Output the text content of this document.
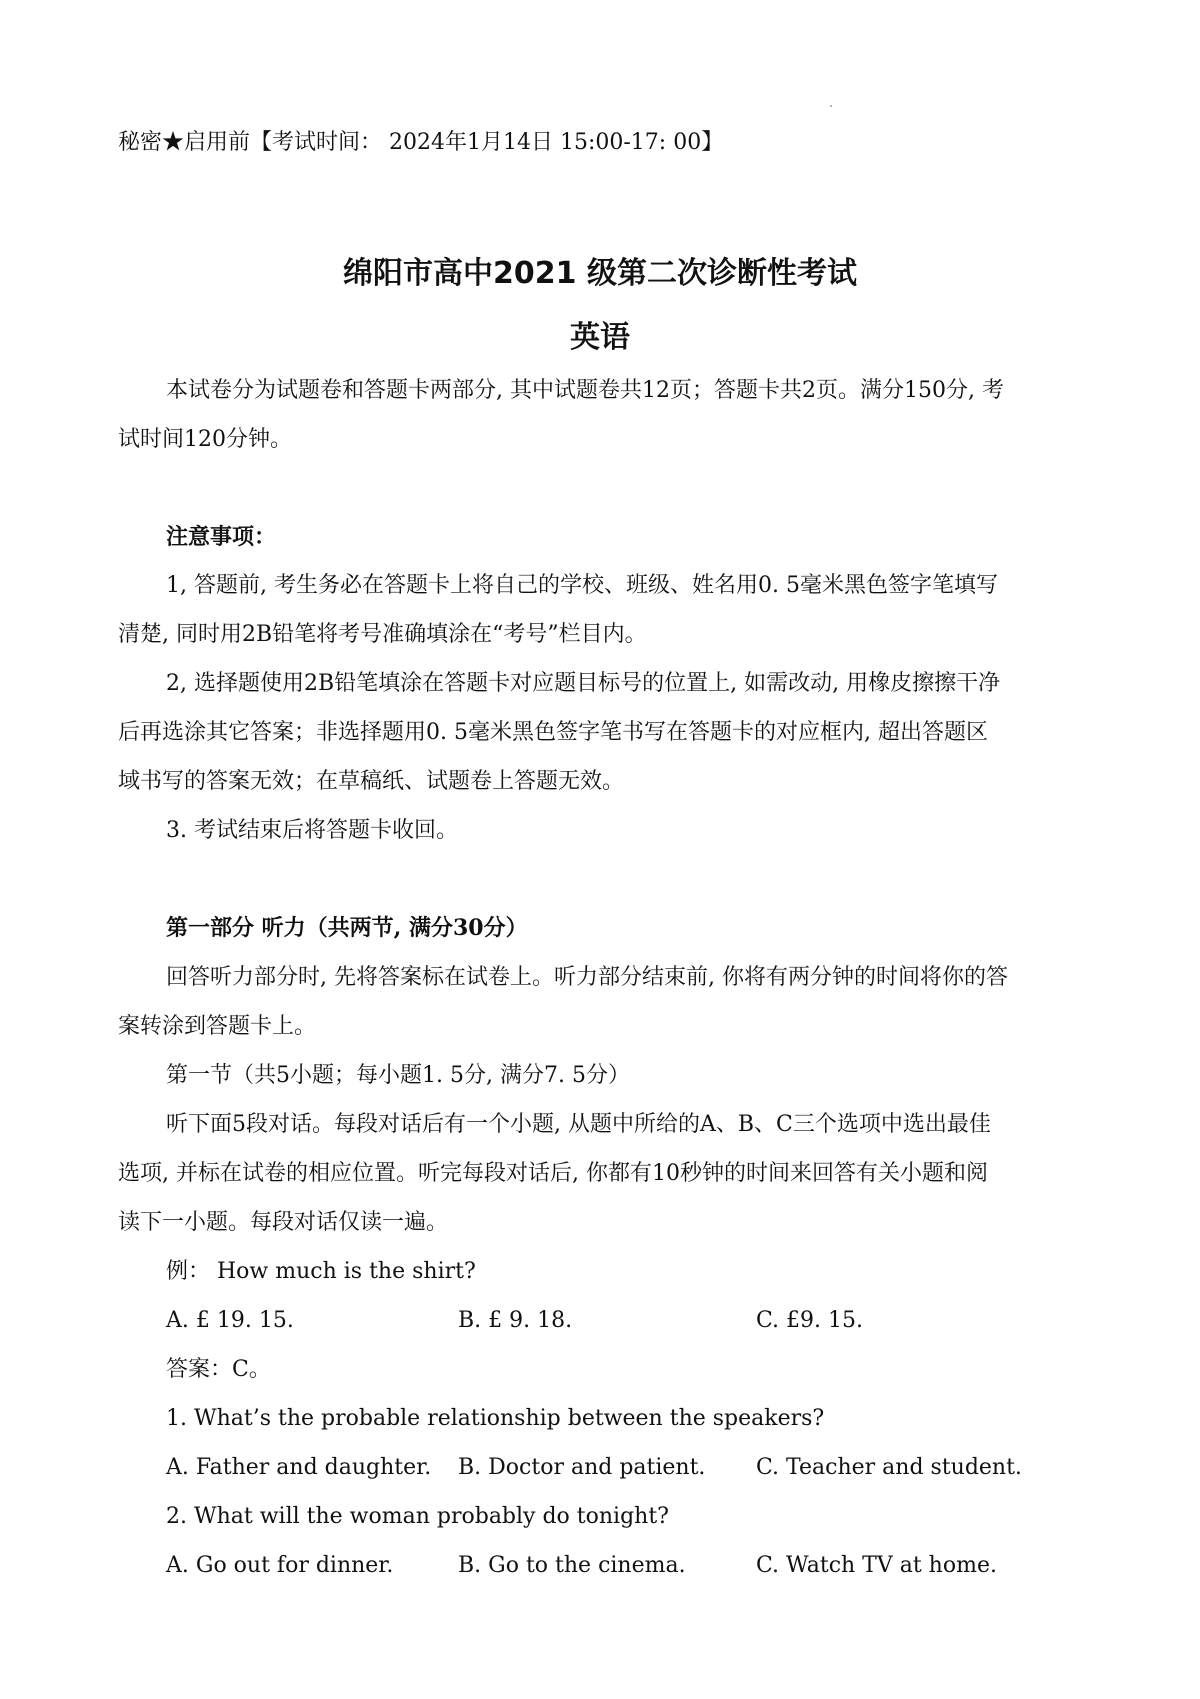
秘密★启用前【考试时间： 2024年1月14日 15:00-17: 00】
绵阳市高中2021 级第二次诊断性考试
英语
本试卷分为试题卷和答题卡两部分, 其中试题卷共12页；答题卡共2页。满分150分, 考
试时间120分钟。
注意事项：
1, 答题前, 考生务必在答题卡上将自己的学校、班级、姓名用0. 5毫米黑色签字笔填写
清楚, 同时用2B铅笔将考号准确填涂在“考号”栏目内。
2, 选择题使用2B铅笔填涂在答题卡对应题目标号的位置上, 如需改动, 用橡皮擦擦干净
后再选涂其它答案；非选择题用0. 5毫米黑色签字笔书写在答题卡的对应框内, 超出答题区
域书写的答案无效；在草稿纸、试题卷上答题无效。
3. 考试结束后将答题卡收回。
第一部分 听力（共两节, 满分30分）
回答听力部分时, 先将答案标在试卷上。听力部分结束前, 你将有两分钟的时间将你的答
案转涂到答题卡上。
第一节（共5小题；每小题1. 5分, 满分7. 5分）
听下面5段对话。每段对话后有一个小题, 从题中所给的A、B、C三个选项中选出最佳
选项, 并标在试卷的相应位置。听完每段对话后, 你都有10秒钟的时间来回答有关小题和阅
读下一小题。每段对话仅读一遍。
例： How much is the shirt?
A. £ 19. 15.	B. £ 9. 18.	C. £9. 15.
答案：C。
1. What’s the probable relationship between the speakers?
A. Father and daughter. B. Doctor and patient. C. Teacher and student.
2. What will the woman probably do tonight?
A. Go out for dinner.	B. Go to the cinema.	C. Watch TV at home.
